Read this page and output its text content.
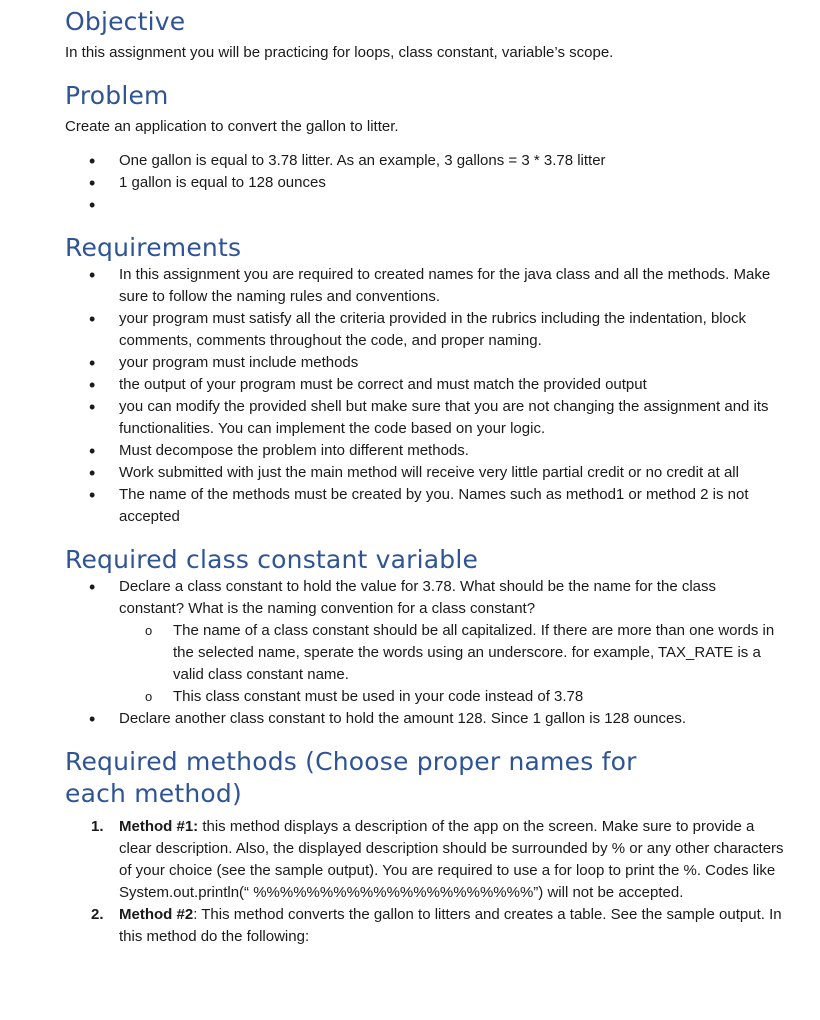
Objective

In this assignment you will be practicing for loops, class constant, variable’s scope.

Problem

Create an application to convert the gallon to litter.

• One gallon is equal to 3.78 litter. As an example, 3 gallons = 3 * 3.78 litter
• 1 gallon is equal to 128 ounces
•
Requirements
• In this assignment you are required to created names for the java class and all the methods. Make sure to follow the naming rules and conventions.
• your program must satisfy all the criteria provided in the rubrics including the indentation, block comments, comments throughout the code, and proper naming.
• your program must include methods
• the output of your program must be correct and must match the provided output
• you can modify the provided shell but make sure that you are not changing the assignment and its functionalities. You can implement the code based on your logic.
• Must decompose the problem into different methods.
• Work submitted with just the main method will receive very little partial credit or no credit at all
• The name of the methods must be created by you. Names such as method1 or method 2 is not accepted
Required class constant variable
• Declare a class constant to hold the value for 3.78. What should be the name for the class constant? What is the naming convention for a class constant?
o The name of a class constant should be all capitalized. If there are more than one words in the selected name, sperate the words using an underscore. for example, TAX_RATE is a valid class constant name.
o This class constant must be used in your code instead of 3.78
• Declare another class constant to hold the amount 128. Since 1 gallon is 128 ounces.
Required methods (Choose proper names for each method)
1. Method #1: this method displays a description of the app on the screen. Make sure to provide a clear description. Also, the displayed description should be surrounded by % or any other characters of your choice (see the sample output). You are required to use a for loop to print the %. Codes like System.out.println(“ %%%%%%%%%%%%%%%%%%%%%”) will not be accepted.
2. Method #2: This method converts the gallon to litters and creates a table. See the sample output. In this method do the following:
